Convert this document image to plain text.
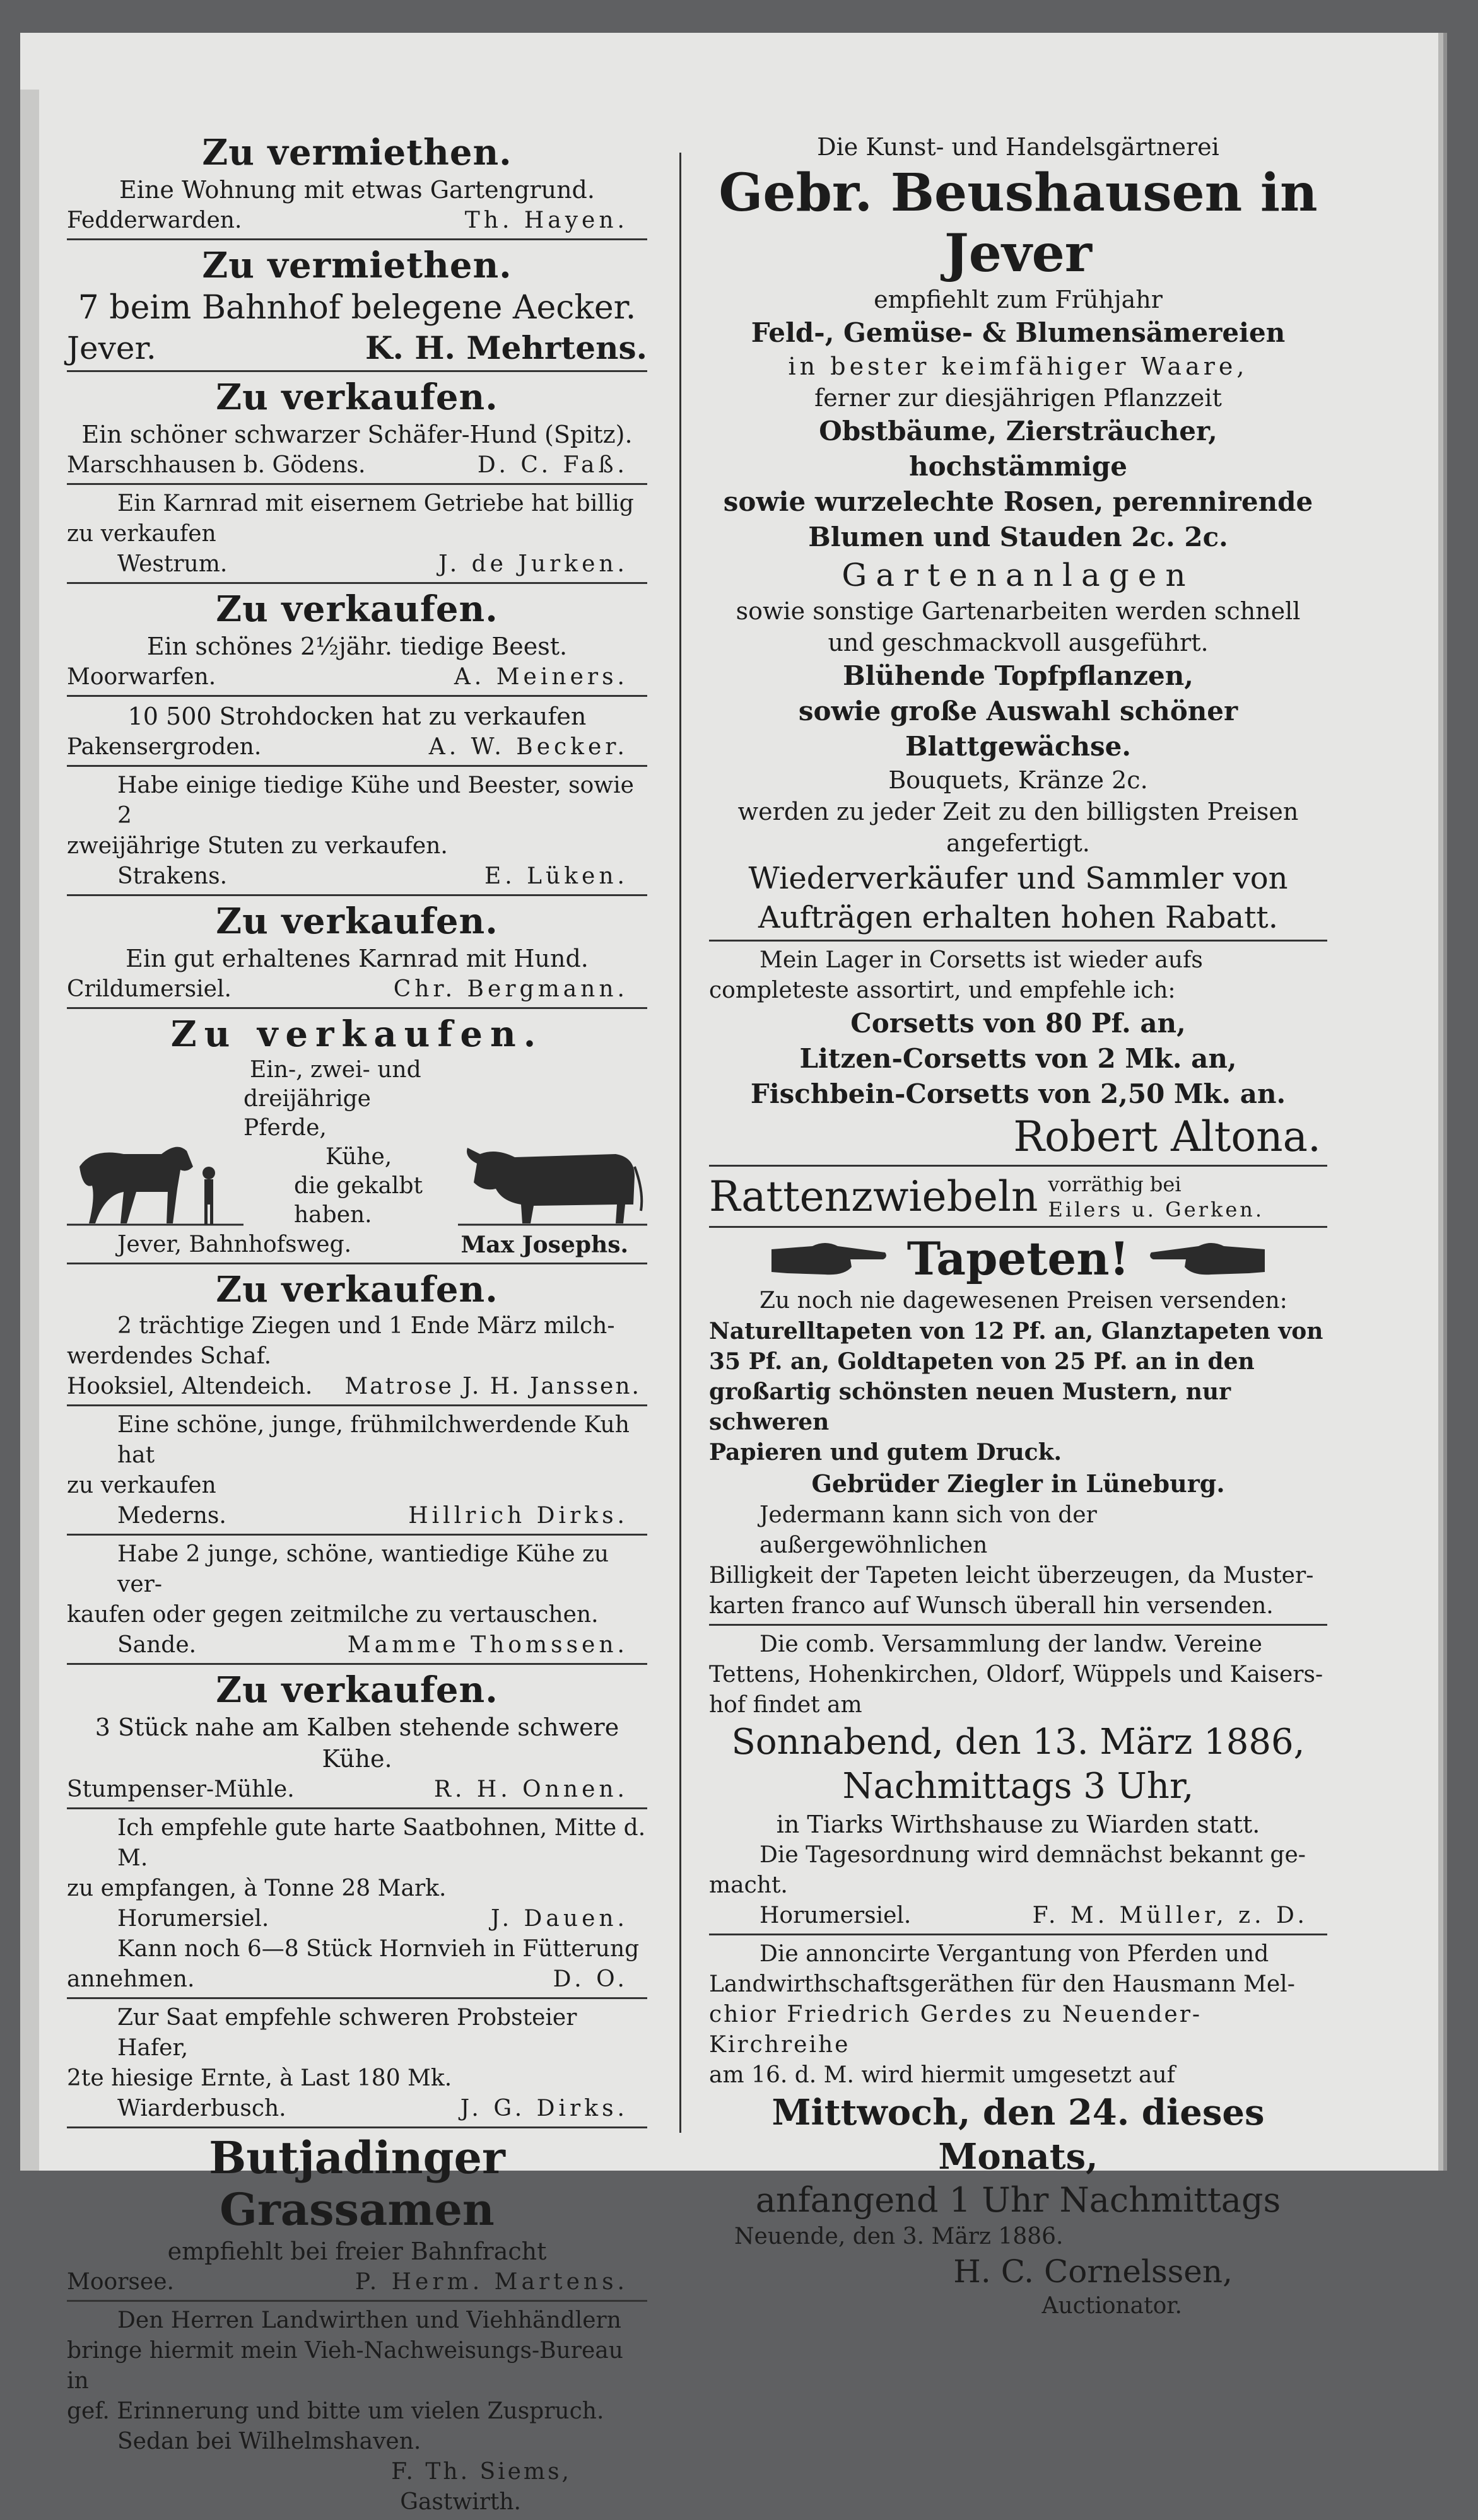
Zu vermiethen.
Eine Wohnung mit etwas Gartengrund.
Fedderwarden.	Th. Hayen.
Zu vermiethen.
7 beim Bahnhof belegene Aecker.
Jever.	K. H. Mehrtens.
Zu verkaufen.
Ein schöner schwarzer Schäfer-Hund (Spitz).
Marschhausen b. Gödens.	D. C. Faß.
Ein Karnrad mit eisernem Getriebe hat billig
zu verkaufen
Westrum.	J. de Jurken.
Zu verkaufen.
Ein schönes 2½jähr. tiedige Beest.
Moorwarfen.	A. Meiners.
10 500 Strohdocken hat zu verkaufen
Pakensergroden.	A. W. Becker.
Habe einige tiedige Kühe und Beester, sowie 2
zweijährige Stuten zu verkaufen.
Strakens.	E. Lüken.
Zu verkaufen.
Ein gut erhaltenes Karnrad mit Hund.
Crildumersiel.	Chr. Bergmann.
Zu verkaufen.
Ein-, zwei- und
dreijährige Pferde,
Kühe,
die gekalbt haben.
Jever, Bahnhofsweg.	Max Josephs.
Zu verkaufen.
2 trächtige Ziegen und 1 Ende März milch-
werdendes Schaf.
Hooksiel, Altendeich. Matrose J. H. Janssen.
Eine schöne, junge, frühmilchwerdende Kuh hat
zu verkaufen
Mederns.	Hillrich Dirks.
Habe 2 junge, schöne, wantiedige Kühe zu ver-
kaufen oder gegen zeitmilche zu vertauschen.
Sande.	Mamme Thomssen.
Zu verkaufen.
3 Stück nahe am Kalben stehende schwere Kühe.
Stumpenser-Mühle.	R. H. Onnen.
Ich empfehle gute harte Saatbohnen, Mitte d. M.
zu empfangen, à Tonne 28 Mark.
Horumersiel.	J. Dauen.
Kann noch 6—8 Stück Hornvieh in Fütterung
annehmen.	D. O.
Zur Saat empfehle schweren Probsteier Hafer,
2te hiesige Ernte, à Last 180 Mk.
Wiarderbusch.	J. G. Dirks.
Butjadinger Grassamen
empfiehlt bei freier Bahnfracht
Moorsee.	P. Herm. Martens.
Den Herren Landwirthen und Viehhändlern
bringe hiermit mein Vieh-Nachweisungs-Bureau in
gef. Erinnerung und bitte um vielen Zuspruch.
Sedan bei Wilhelmshaven.
F. Th. Siems,
Gastwirth.
Die Kunst- und Handelsgärtnerei
Gebr. Beushausen in Jever
empfiehlt zum Frühjahr
Feld-, Gemüse- & Blumensämereien
in bester keimfähiger Waare,
ferner zur diesjährigen Pflanzzeit
Obstbäume, Ziersträucher, hochstämmige
sowie wurzelechte Rosen, perennirende
Blumen und Stauden 2c. 2c.
Gartenanlagen
sowie sonstige Gartenarbeiten werden schnell
und geschmackvoll ausgeführt.
Blühende Topfpflanzen,
sowie große Auswahl schöner Blattgewächse.
Bouquets, Kränze 2c.
werden zu jeder Zeit zu den billigsten Preisen
angefertigt.
Wiederverkäufer und Sammler von
Aufträgen erhalten hohen Rabatt.
Mein Lager in Corsetts ist wieder aufs
completeste assortirt, und empfehle ich:
Corsetts von 80 Pf. an,
Litzen-Corsetts von 2 Mk. an,
Fischbein-Corsetts von 2,50 Mk. an.
Robert Altona.
Rattenzwiebeln vorräthig bei
Eilers u. Gerken.
Tapeten!
Zu noch nie dagewesenen Preisen versenden:
Naturelltapeten von 12 Pf. an, Glanztapeten von
35 Pf. an, Goldtapeten von 25 Pf. an in den
großartig schönsten neuen Mustern, nur schweren
Papieren und gutem Druck.
Gebrüder Ziegler in Lüneburg.
Jedermann kann sich von der außergewöhnlichen
Billigkeit der Tapeten leicht überzeugen, da Muster-
karten franco auf Wunsch überall hin versenden.
Die comb. Versammlung der landw. Vereine
Tettens, Hohenkirchen, Oldorf, Wüppels und Kaisers-
hof findet am
Sonnabend, den 13. März 1886,
Nachmittags 3 Uhr,
in Tiarks Wirthshause zu Wiarden statt.
Die Tagesordnung wird demnächst bekannt ge-
macht.
Horumersiel.	F. M. Müller, z. D.
Die annoncirte Vergantung von Pferden und
Landwirthschaftsgeräthen für den Hausmann Mel-
chior Friedrich Gerdes zu Neuender-Kirchreihe
am 16. d. M. wird hiermit umgesetzt auf
Mittwoch, den 24. dieses Monats,
anfangend 1 Uhr Nachmittags
Neuende, den 3. März 1886.
H. C. Cornelssen,
Auctionator.
